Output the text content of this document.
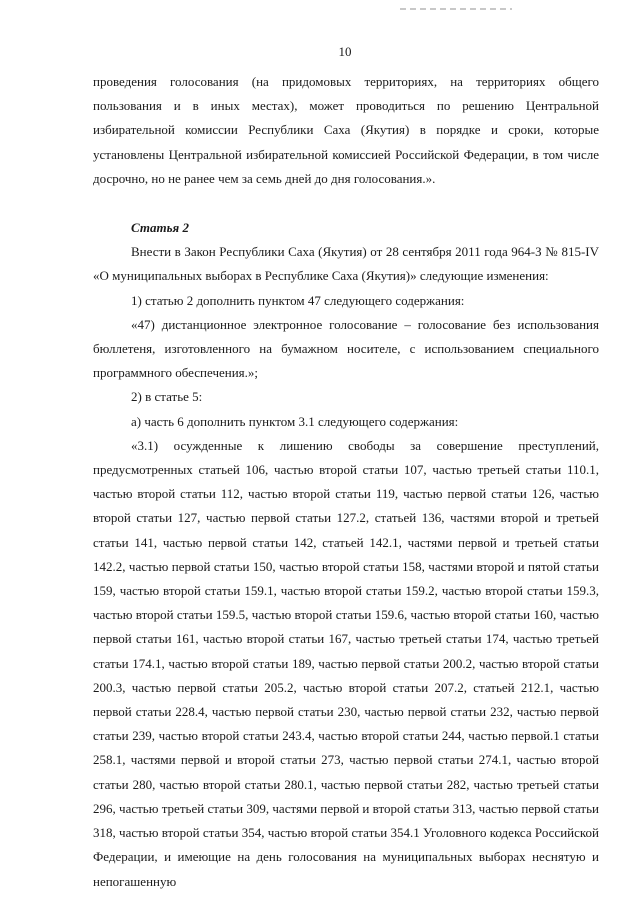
10

проведения голосования (на придомовых территориях, на территориях общего пользования и в иных местах), может проводиться по решению Центральной избирательной комиссии Республики Саха (Якутия) в порядке и сроки, которые установлены Центральной избирательной комиссией Российской Федерации, в том числе досрочно, но не ранее чем за семь дней до дня голосования.».

Статья 2

Внести в Закон Республики Саха (Якутия) от 28 сентября 2011 года 964-З № 815-IV «О муниципальных выборах в Республике Саха (Якутия)» следующие изменения:

1) статью 2 дополнить пунктом 47 следующего содержания:

«47) дистанционное электронное голосование – голосование без использования бюллетеня, изготовленного на бумажном носителе, с использованием специального программного обеспечения.»;

2) в статье 5:

а) часть 6 дополнить пунктом 3.1 следующего содержания:

«3.1) осужденные к лишению свободы за совершение преступлений, предусмотренных статьей 106, частью второй статьи 107, частью третьей статьи 110.1, частью второй статьи 112, частью второй статьи 119, частью первой статьи 126, частью второй статьи 127, частью первой статьи 127.2, статьей 136, частями второй и третьей статьи 141, частью первой статьи 142, статьей 142.1, частями первой и третьей статьи 142.2, частью первой статьи 150, частью второй статьи 158, частями второй и пятой статьи 159, частью второй статьи 159.1, частью второй статьи 159.2, частью второй статьи 159.3, частью второй статьи 159.5, частью второй статьи 159.6, частью второй статьи 160, частью первой статьи 161, частью второй статьи 167, частью третьей статьи 174, частью третьей статьи 174.1, частью второй статьи 189, частью первой статьи 200.2, частью второй статьи 200.3, частью первой статьи 205.2, частью второй статьи 207.2, статьей 212.1, частью первой статьи 228.4, частью первой статьи 230, частью первой статьи 232, частью первой статьи 239, частью второй статьи 243.4, частью второй статьи 244, частью первой.1 статьи 258.1, частями первой и второй статьи 273, частью первой статьи 274.1, частью второй статьи 280, частью второй статьи 280.1, частью первой статьи 282, частью третьей статьи 296, частью третьей статьи 309, частями первой и второй статьи 313, частью первой статьи 318, частью второй статьи 354, частью второй статьи 354.1 Уголовного кодекса Российской Федерации, и имеющие на день голосования на муниципальных выборах неснятую и непогашенную
